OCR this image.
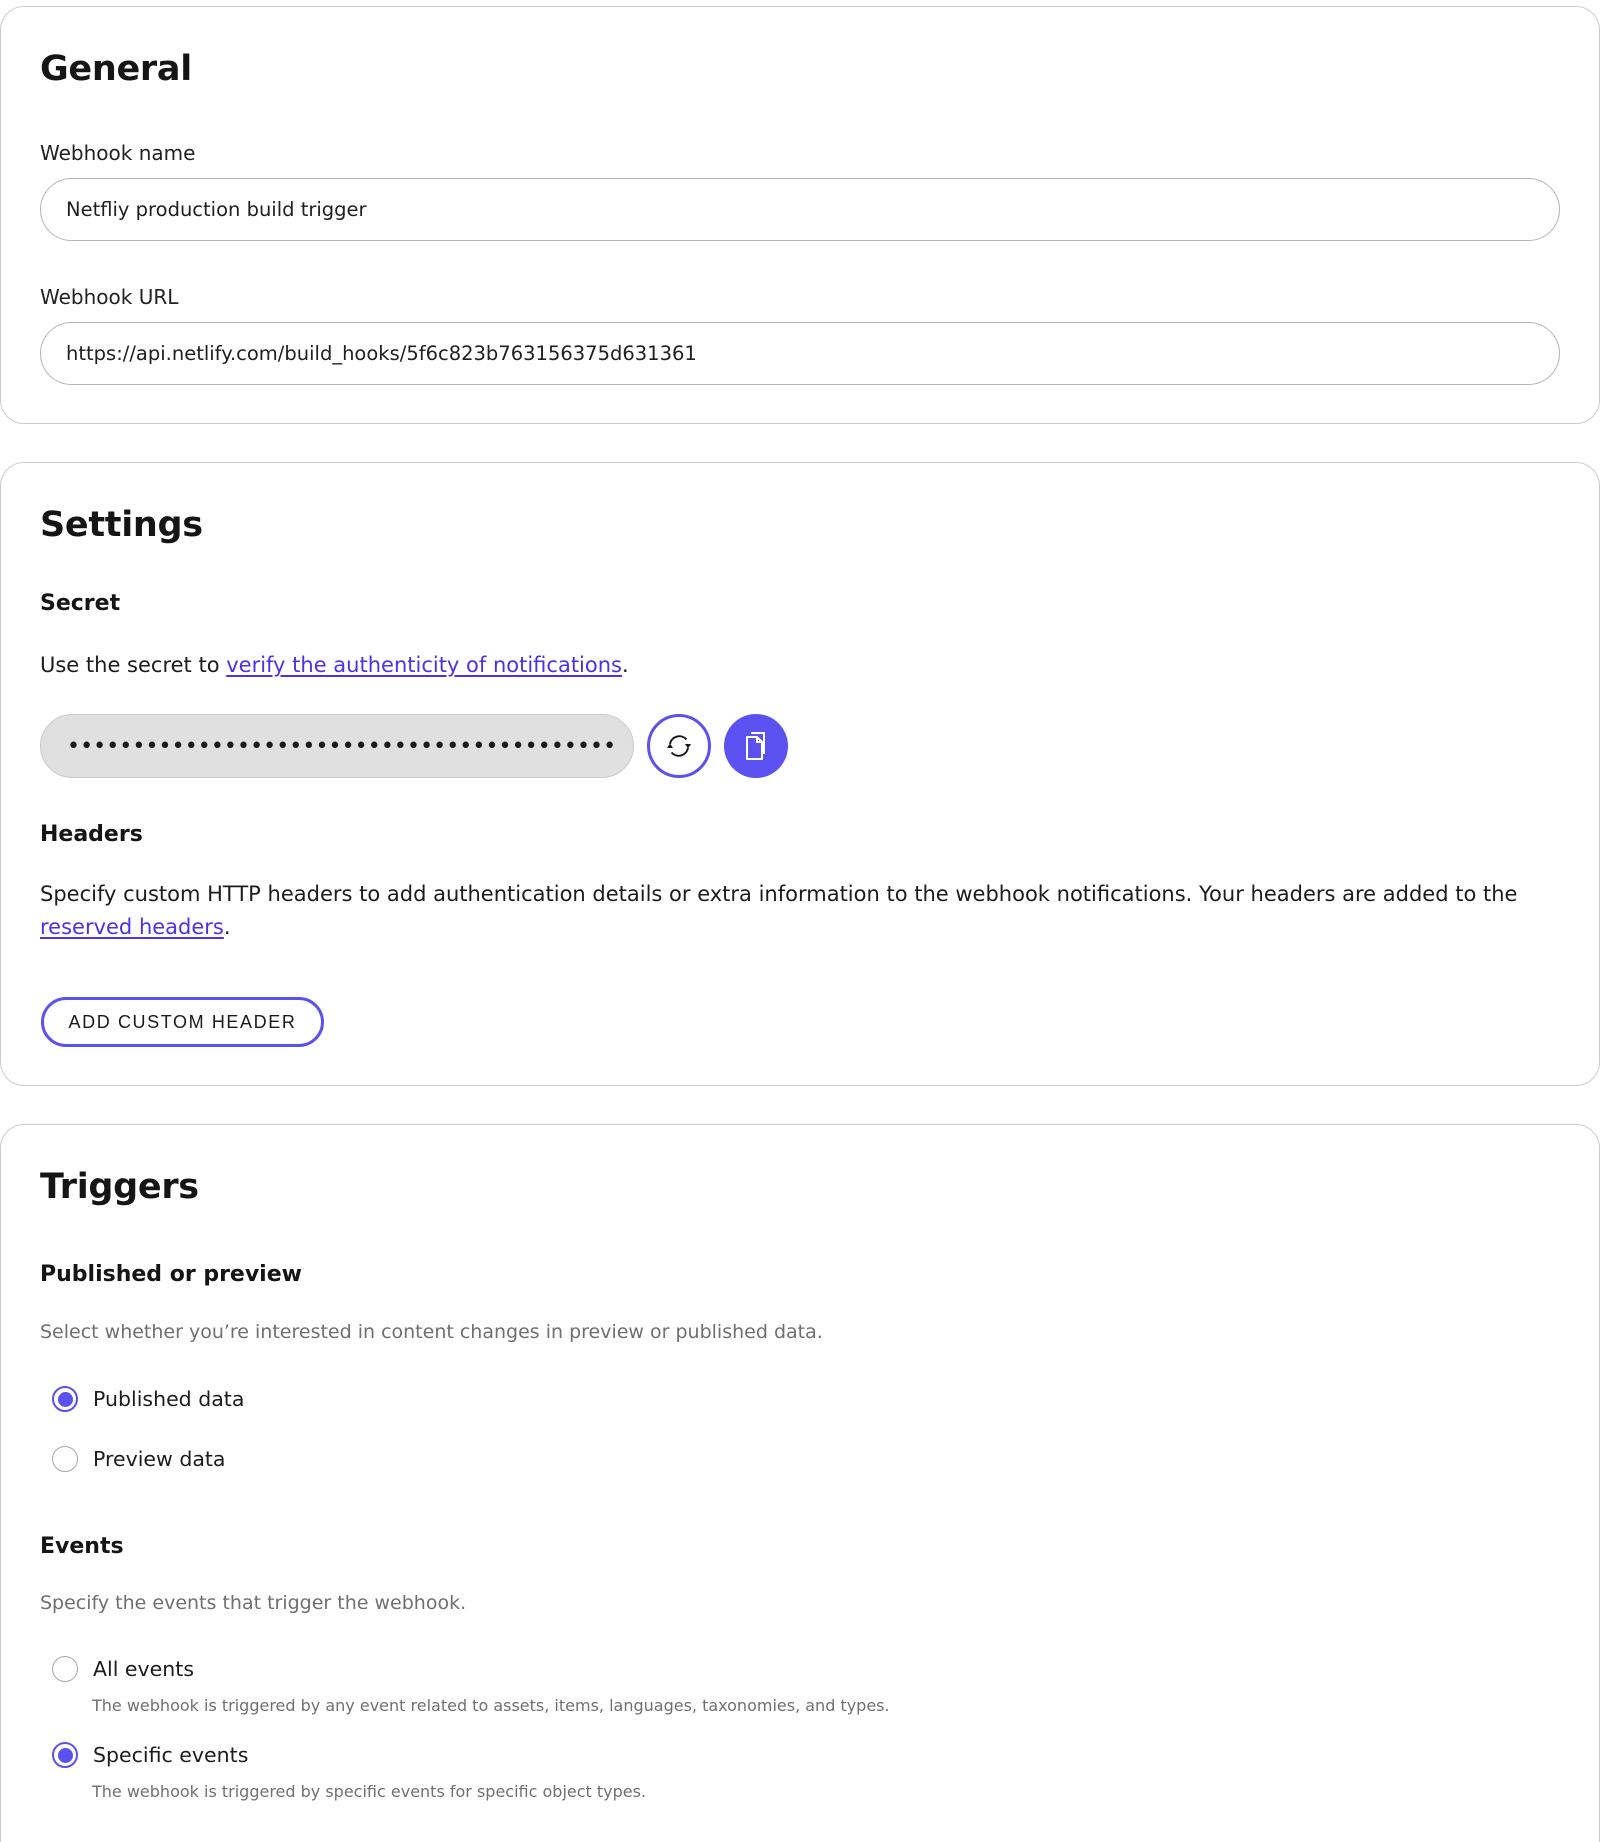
General
Webhook name
Netfliy production build trigger
Webhook URL
https://api.netlify.com/build_hooks/5f6c823b763156375d631361
Settings
Secret

Use the secret to verify the authenticity of notifications.

••••••••••••••••••••••••••••••••••••••••••
Headers

Specify custom HTTP headers to add authentication details or extra information to the webhook notifications. Your headers are added to the reserved headers.

ADD CUSTOM HEADER
Triggers
Published or preview

Select whether you’re interested in content changes in preview or published data.

Published data
Preview data
Events

Specify the events that trigger the webhook.

All events

The webhook is triggered by any event related to assets, items, languages, taxonomies, and types.

Specific events

The webhook is triggered by specific events for specific object types.
